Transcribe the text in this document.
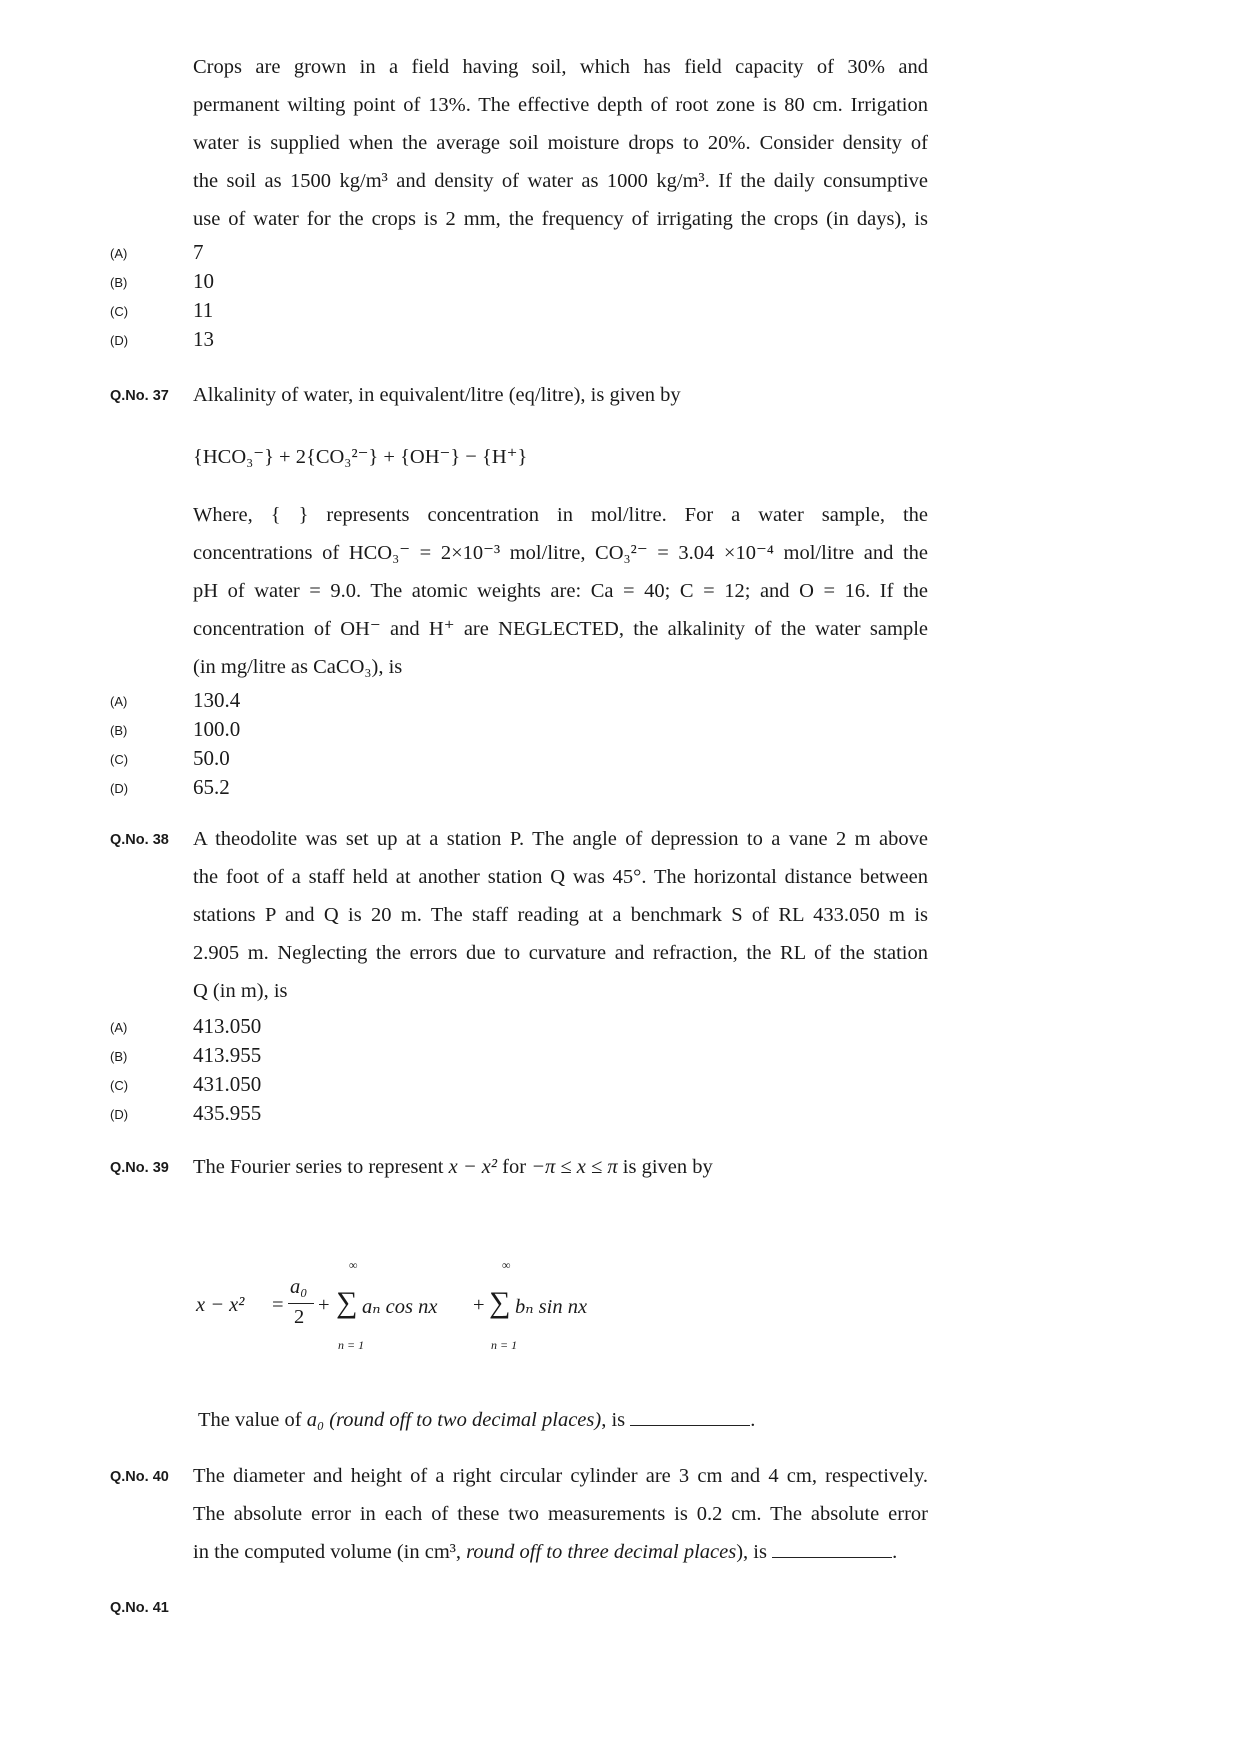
Crops are grown in a field having soil, which has field capacity of 30% and
permanent wilting point of 13%. The effective depth of root zone is 80 cm. Irrigation
water is supplied when the average soil moisture drops to 20%. Consider density of
the soil as 1500 kg/m³ and density of water as 1000 kg/m³. If the daily consumptive
use of water for the crops is 2 mm, the frequency of irrigating the crops (in days), is
(A)	7
(B)	10
(C)	11
(D)	13
Q.No. 37 Alkalinity of water, in equivalent/litre (eq/litre), is given by
{HCO₃⁻} + 2{CO₃²⁻} + {OH⁻} − {H⁺}
Where, { } represents concentration in mol/litre. For a water sample, the
concentrations of HCO₃⁻ = 2×10⁻³ mol/litre, CO₃²⁻ = 3.04 ×10⁻⁴ mol/litre and the
pH of water = 9.0. The atomic weights are: Ca = 40; C = 12; and O = 16. If the
concentration of OH⁻ and H⁺ are NEGLECTED, the alkalinity of the water sample
(in mg/litre as CaCO₃), is
(A)	130.4
(B)	100.0
(C)	50.0
(D)	65.2
Q.No. 38 A theodolite was set up at a station P. The angle of depression to a vane 2 m above
the foot of a staff held at another station Q was 45°. The horizontal distance between
stations P and Q is 20 m. The staff reading at a benchmark S of RL 433.050 m is
2.905 m. Neglecting the errors due to curvature and refraction, the RL of the station
Q (in m), is
(A)	413.050
(B)	413.955
(C)	431.050
(D)	435.955
Q.No. 39 The Fourier series to represent x − x² for −π ≤ x ≤ π is given by
x − x² =
a₀
2
+
∞
∑
n = 1
aₙ cos nx +
∞
∑
n = 1
bₙ sin nx
The value of a₀ (round off to two decimal places), is	.
Q.No. 40 The diameter and height of a right circular cylinder are 3 cm and 4 cm, respectively.
The absolute error in each of these two measurements is 0.2 cm. The absolute error
in the computed volume (in cm³, round off to three decimal places), is	.
Q.No. 41
